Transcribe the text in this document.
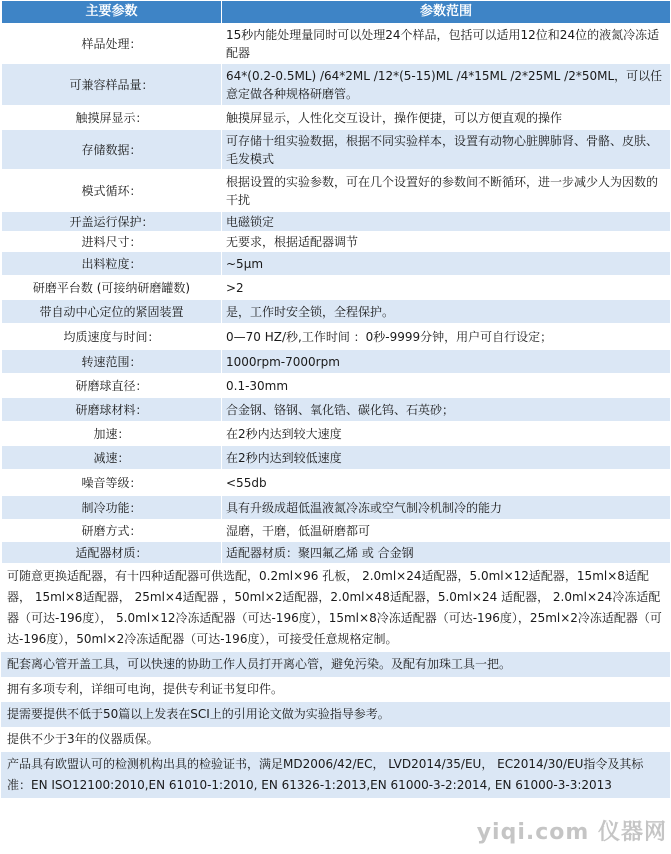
主要参数	参数范围
样品处理：	15秒内能处理量同时可以处理24个样品，包括可以适用12位和24位的液氮冷冻适配器
可兼容样品量：	64*(0.2-0.5ML) /64*2ML /12*(5-15)ML /4*15ML /2*25ML /2*50ML，可以任意定做各种规格研磨管。
触摸屏显示：	触摸屏显示，人性化交互设计，操作便捷，可以方便直观的操作
存储数据：	可存储十组实验数据，根据不同实验样本，设置有动物心脏脾肺肾、骨骼、皮肤、毛发模式
模式循环：	根据设置的实验参数，可在几个设置好的参数间不断循环，进一步减少人为因数的干扰
开盖运行保护：	电磁锁定
进料尺寸：	无要求，根据适配器调节
出料粒度：	~5μm
研磨平台数 (可接纳研磨罐数)	>2
带自动中心定位的紧固装置	是，工作时安全锁，全程保护。
均质速度与时间：	0—70 HZ/秒,工作时间 ：0秒-9999分钟，用户可自行设定；
转速范围：	1000rpm-7000rpm
研磨球直径：	0.1-30mm
研磨球材料：	合金钢、铬钢、氧化锆、碳化钨、石英砂；
加速：	在2秒内达到较大速度
减速：	在2秒内达到较低速度
噪音等级：	<55db
制冷功能：	具有升级成超低温液氮冷冻或空气制冷机制冷的能力
研磨方式：	湿磨，干磨，低温研磨都可
适配器材质：	适配器材质：聚四氟乙烯 或 合金钢
可随意更换适配器，有十四种适配器可供选配，0.2ml×96 孔板， 2.0ml×24适配器，5.0ml×12适配器，15ml×8适配器， 15ml×8适配器， 25ml×4适配器 ，50ml×2适配器，2.0ml×48适配器，5.0ml×24 适配器， 2.0ml×24冷冻适配器（可达-196度）， 5.0ml×12冷冻适配器（可达-196度），15ml×8冷冻适配器（可达-196度），25ml×2冷冻适配器（可达-196度），50ml×2冷冻适配器（可达-196度），可接受任意规格定制。
配套离心管开盖工具，可以快速的协助工作人员打开离心管，避免污染。及配有加珠工具一把。
拥有多项专利，详细可电询，提供专利证书复印件。
提需要提供不低于50篇以上发表在SCI上的引用论文做为实验指导参考。
提供不少于3年的仪器质保。
产品具有欧盟认可的检测机构出具的检验证书，满足MD2006/42/EC， LVD2014/35/EU， EC2014/30/EU指令及其标准：EN ISO12100:2010,EN 61010-1:2010, EN 61326-1:2013,EN 61000-3-2:2014, EN 61000-3-3:2013
yiqi.com 仪器网
